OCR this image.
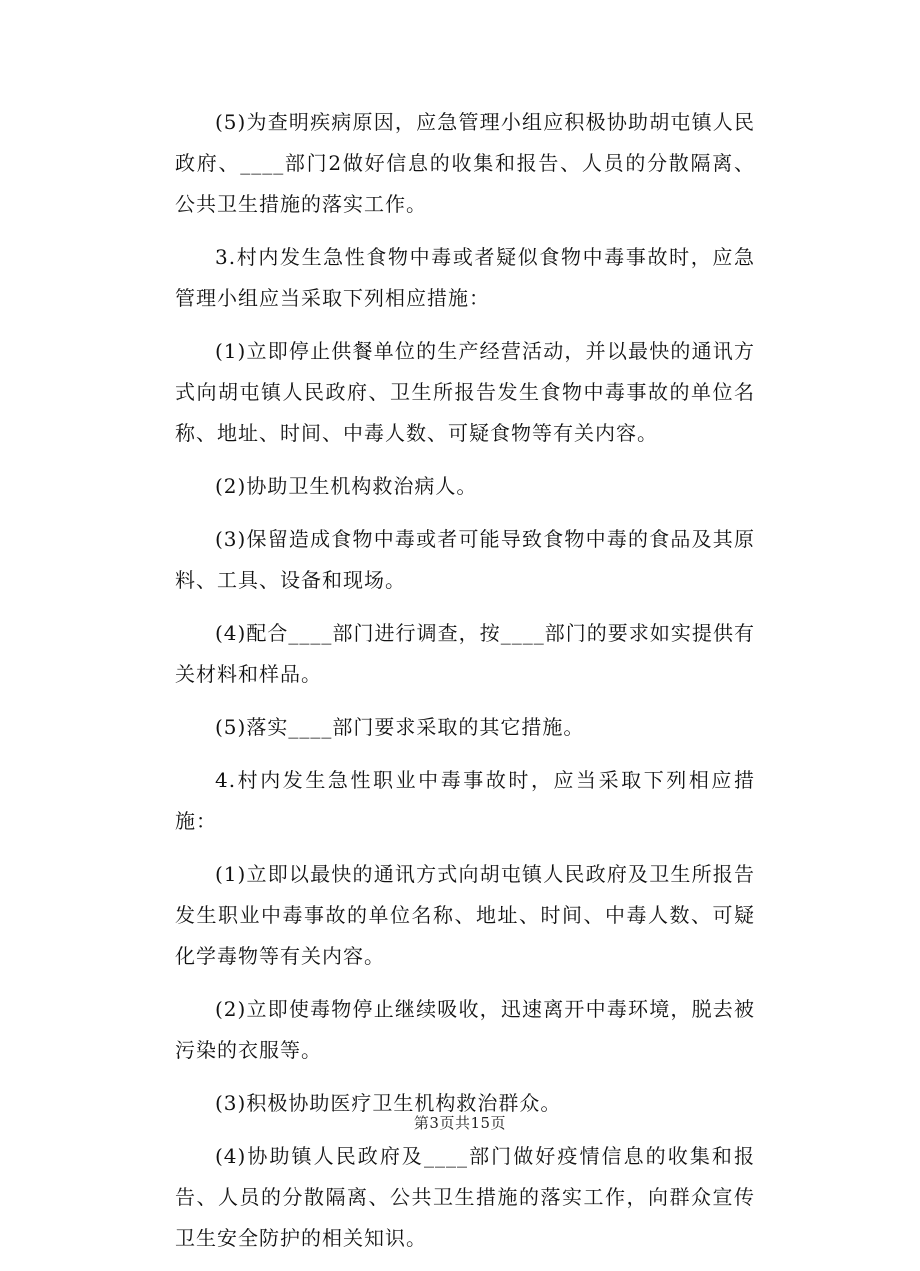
(5)为查明疾病原因，应急管理小组应积极协助胡屯镇人民政府、____部门2做好信息的收集和报告、人员的分散隔离、公共卫生措施的落实工作。

3.村内发生急性食物中毒或者疑似食物中毒事故时，应急管理小组应当采取下列相应措施：

(1)立即停止供餐单位的生产经营活动，并以最快的通讯方式向胡屯镇人民政府、卫生所报告发生食物中毒事故的单位名称、地址、时间、中毒人数、可疑食物等有关内容。

(2)协助卫生机构救治病人。

(3)保留造成食物中毒或者可能导致食物中毒的食品及其原料、工具、设备和现场。

(4)配合____部门进行调查，按____部门的要求如实提供有关材料和样品。

(5)落实____部门要求采取的其它措施。

4.村内发生急性职业中毒事故时，应当采取下列相应措施：

(1)立即以最快的通讯方式向胡屯镇人民政府及卫生所报告发生职业中毒事故的单位名称、地址、时间、中毒人数、可疑化学毒物等有关内容。

(2)立即使毒物停止继续吸收，迅速离开中毒环境，脱去被污染的衣服等。

(3)积极协助医疗卫生机构救治群众。

(4)协助镇人民政府及____部门做好疫情信息的收集和报告、人员的分散隔离、公共卫生措施的落实工作，向群众宣传卫生安全防护的相关知识。

第3页共15页
